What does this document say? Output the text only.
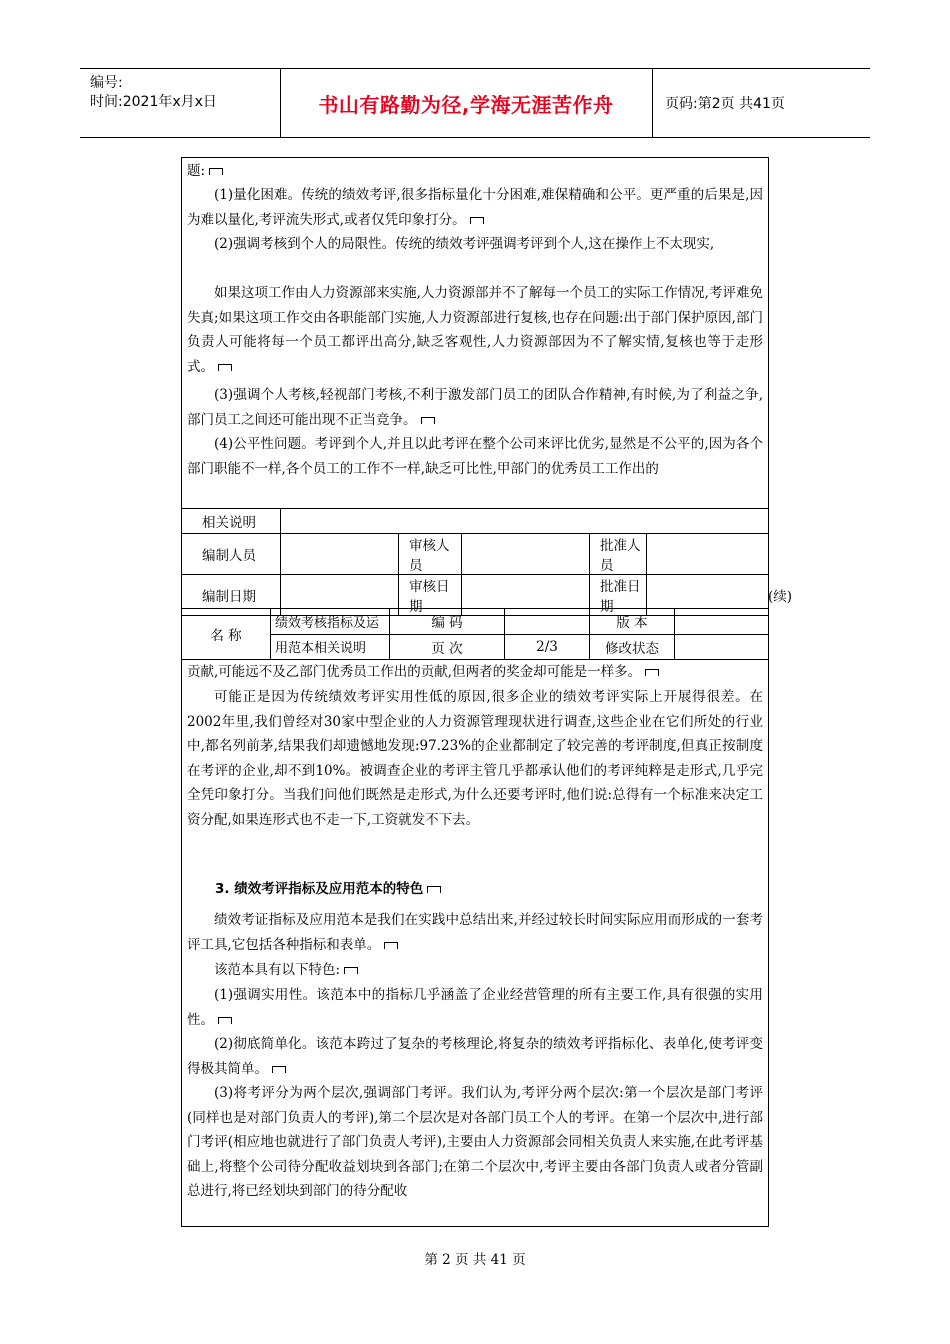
编号:
时间:2021年x月x日	书山有路勤为径,学海无涯苦作舟	页码:第2页 共41页
题:
(1)量化困难。传统的绩效考评,很多指标量化十分困难,难保精确和公平。更严重的后果是,因为难以量化,考评流失形式,或者仅凭印象打分。
(2)强调考核到个人的局限性。传统的绩效考评强调考评到个人,这在操作上不太现实,
如果这项工作由人力资源部来实施,人力资源部并不了解每一个员工的实际工作情况,考评难免失真;如果这项工作交由各职能部门实施,人力资源部进行复核,也存在问题:出于部门保护原因,部门负责人可能将每一个员工都评出高分,缺乏客观性,人力资源部因为不了解实情,复核也等于走形式。
(3)强调个人考核,轻视部门考核,不利于激发部门员工的团队合作精神,有时候,为了利益之争,部门员工之间还可能出现不正当竞争。
(4)公平性问题。考评到个人,并且以此考评在整个公司来评比优劣,显然是不公平的,因为各个部门职能不一样,各个员工的工作不一样,缺乏可比性,甲部门的优秀员工工作出的
相关说明					
编制人员		审核人员		批准人员	
编制日期		审核日期		批准日期	
(续)
名 称	绩效考核指标及运	编 码		版 本	
	用范本相关说明	页 次	2/3	修改状态	
贡献,可能远不及乙部门优秀员工作出的贡献,但两者的奖金却可能是一样多。
可能正是因为传统绩效考评实用性低的原因,很多企业的绩效考评实际上开展得很差。在2002年里,我们曾经对30家中型企业的人力资源管理现状进行调查,这些企业在它们所处的行业中,都名列前茅,结果我们却遗憾地发现:97.23%的企业都制定了较完善的考评制度,但真正按制度在考评的企业,却不到10%。被调查企业的考评主管几乎都承认他们的考评纯粹是走形式,几乎完全凭印象打分。当我们问他们既然是走形式,为什么还要考评时,他们说:总得有一个标准来决定工资分配,如果连形式也不走一下,工资就发不下去。
3. 绩效考评指标及应用范本的特色
绩效考证指标及应用范本是我们在实践中总结出来,并经过较长时间实际应用而形成的一套考评工具,它包括各种指标和表单。
该范本具有以下特色:
(1)强调实用性。该范本中的指标几乎涵盖了企业经营管理的所有主要工作,具有很强的实用性。
(2)彻底简单化。该范本跨过了复杂的考核理论,将复杂的绩效考评指标化、表单化,使考评变得极其简单。
(3)将考评分为两个层次,强调部门考评。我们认为,考评分两个层次:第一个层次是部门考评(同样也是对部门负责人的考评),第二个层次是对各部门员工个人的考评。在第一个层次中,进行部门考评(相应地也就进行了部门负责人考评),主要由人力资源部会同相关负责人来实施,在此考评基础上,将整个公司待分配收益划块到各部门;在第二个层次中,考评主要由各部门负责人或者分管副总进行,将已经划块到部门的待分配收
第 2 页 共 41 页
